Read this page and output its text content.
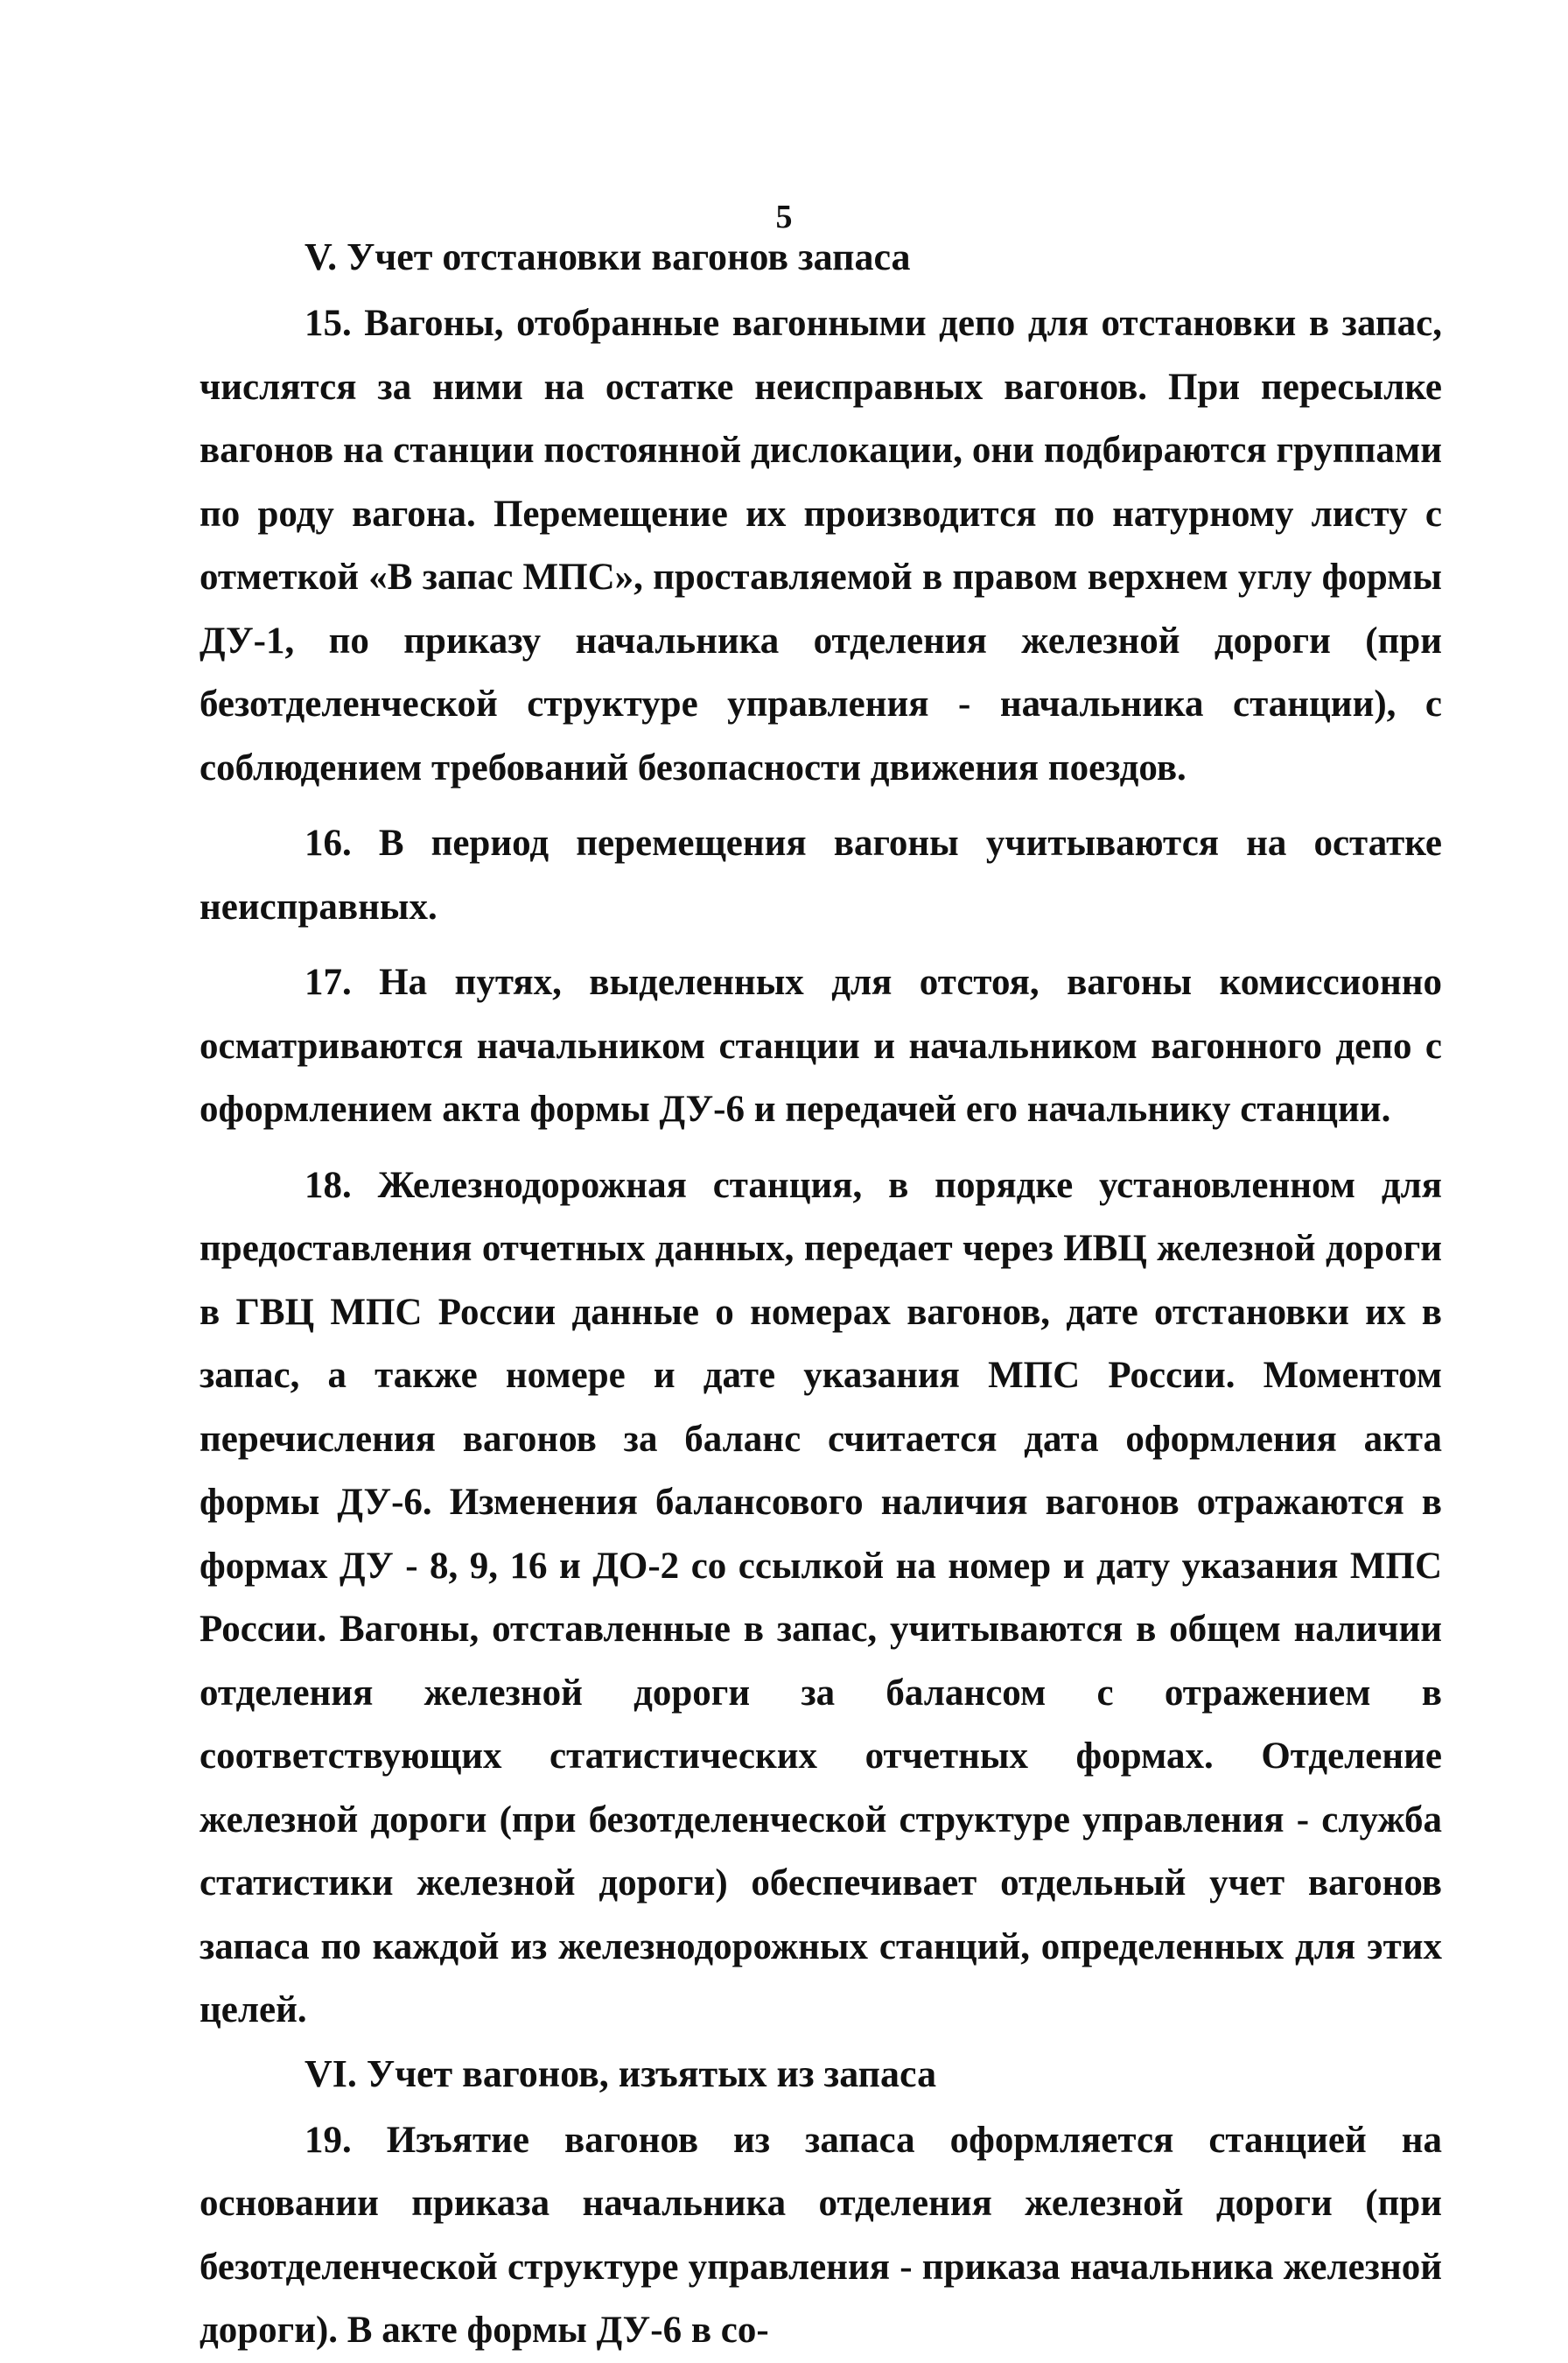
5
V. Учет отстановки вагонов запаса

15. Вагоны, отобранные вагонными депо для отстановки в запас, числятся за ними на остатке неисправных вагонов. При пересылке вагонов на станции постоянной дислокации, они подбираются группами по роду вагона. Перемещение их производится по натурному листу с отметкой «В запас МПС», проставляемой в правом верхнем углу формы ДУ-1, по приказу начальника отделения железной дороги (при безотделенческой структуре управления - начальника станции), с соблюдением требований безопасности движения поездов.

16. В период перемещения вагоны учитываются на остатке неисправных.

17. На путях, выделенных для отстоя, вагоны комиссионно осматриваются начальником станции и начальником вагонного депо с оформлением акта формы ДУ-6 и передачей его начальнику станции.

18. Железнодорожная станция, в порядке установленном для предоставления отчетных данных, передает через ИВЦ железной дороги в ГВЦ МПС России данные о номерах вагонов, дате отстановки их в запас, а также номере и дате указания МПС России. Моментом перечисления вагонов за баланс считается дата оформления акта формы ДУ-6. Изменения балансового наличия вагонов отражаются в формах ДУ - 8, 9, 16 и ДО-2 со ссылкой на номер и дату указания МПС России. Вагоны, отставленные в запас, учитываются в общем наличии отделения железной дороги за балансом с отражением в соответствующих статистических отчетных формах. Отделение железной дороги (при безотделенческой структуре управления - служба статистики железной дороги) обеспечивает отдельный учет вагонов запаса по каждой из железнодорожных станций, определенных для этих целей.

VI. Учет вагонов, изъятых из запаса

19. Изъятие вагонов из запаса оформляется станцией на основании приказа начальника отделения железной дороги (при безотделенческой структуре управления - приказа начальника железной дороги). В акте формы ДУ-6 в со-
